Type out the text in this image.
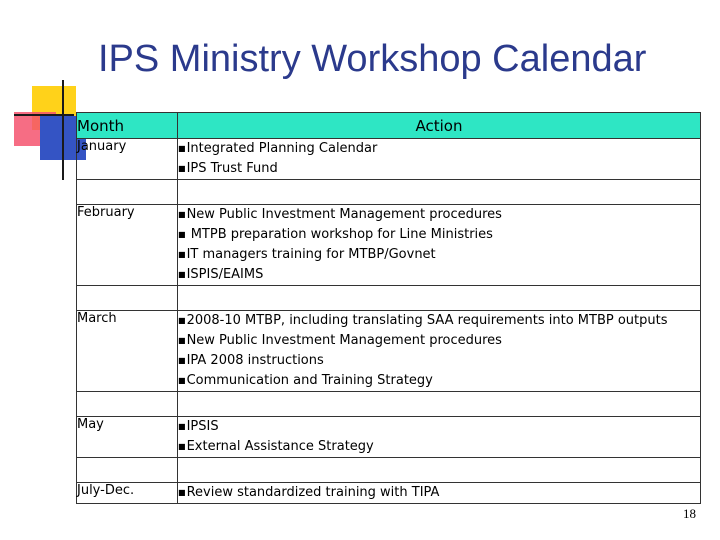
IPS Ministry Workshop Calendar
Month	Action
January	■Integrated Planning Calendar
■IPS Trust Fund

February	■New Public Investment Management procedures
■ MTPB preparation workshop for Line Ministries
■IT managers training for MTBP/Govnet
■ISPIS/EAIMS

March	■2008-10 MTBP, including translating SAA requirements into MTBP outputs
■New Public Investment Management procedures
■IPA 2008 instructions
■Communication and Training Strategy

May	■IPSIS
■External Assistance Strategy

July-Dec.	■Review standardized training with TIPA
18
